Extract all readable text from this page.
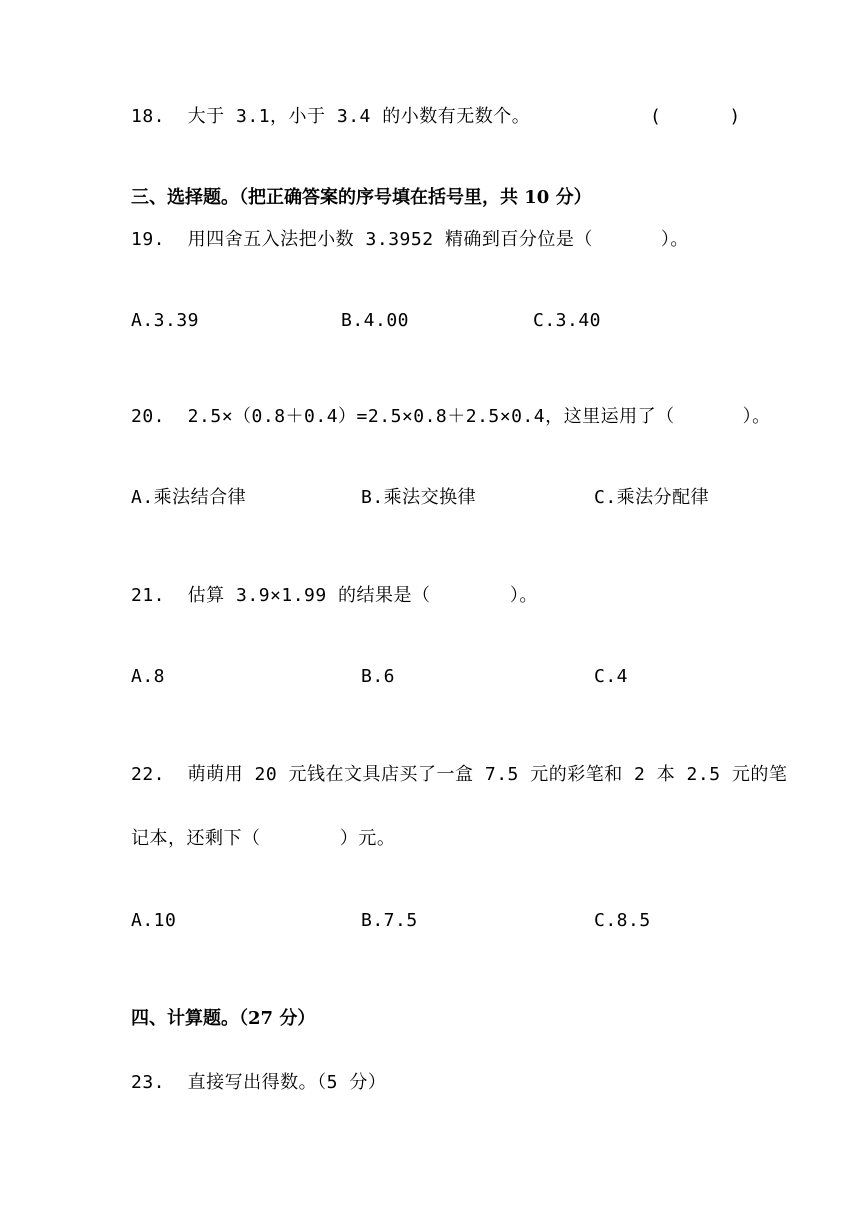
18.  大于 3.1，小于 3.4 的小数有无数个。	(      )
三、选择题。（把正确答案的序号填在括号里，共 10 分）
19.  用四舍五入法把小数 3.3952 精确到百分位是（      ）。
A.3.39	B.4.00	C.3.40
20.  2.5×（0.8＋0.4）=2.5×0.8＋2.5×0.4，这里运用了（      ）。
A.乘法结合律	B.乘法交换律	C.乘法分配律
21.  估算 3.9×1.99 的结果是（       ）。
A.8	B.6	C.4
22.  萌萌用 20 元钱在文具店买了一盒 7.5 元的彩笔和 2 本 2.5 元的笔
记本，还剩下（       ）元。
A.10	B.7.5	C.8.5
四、计算题。（27 分）
23.  直接写出得数。（5 分）
